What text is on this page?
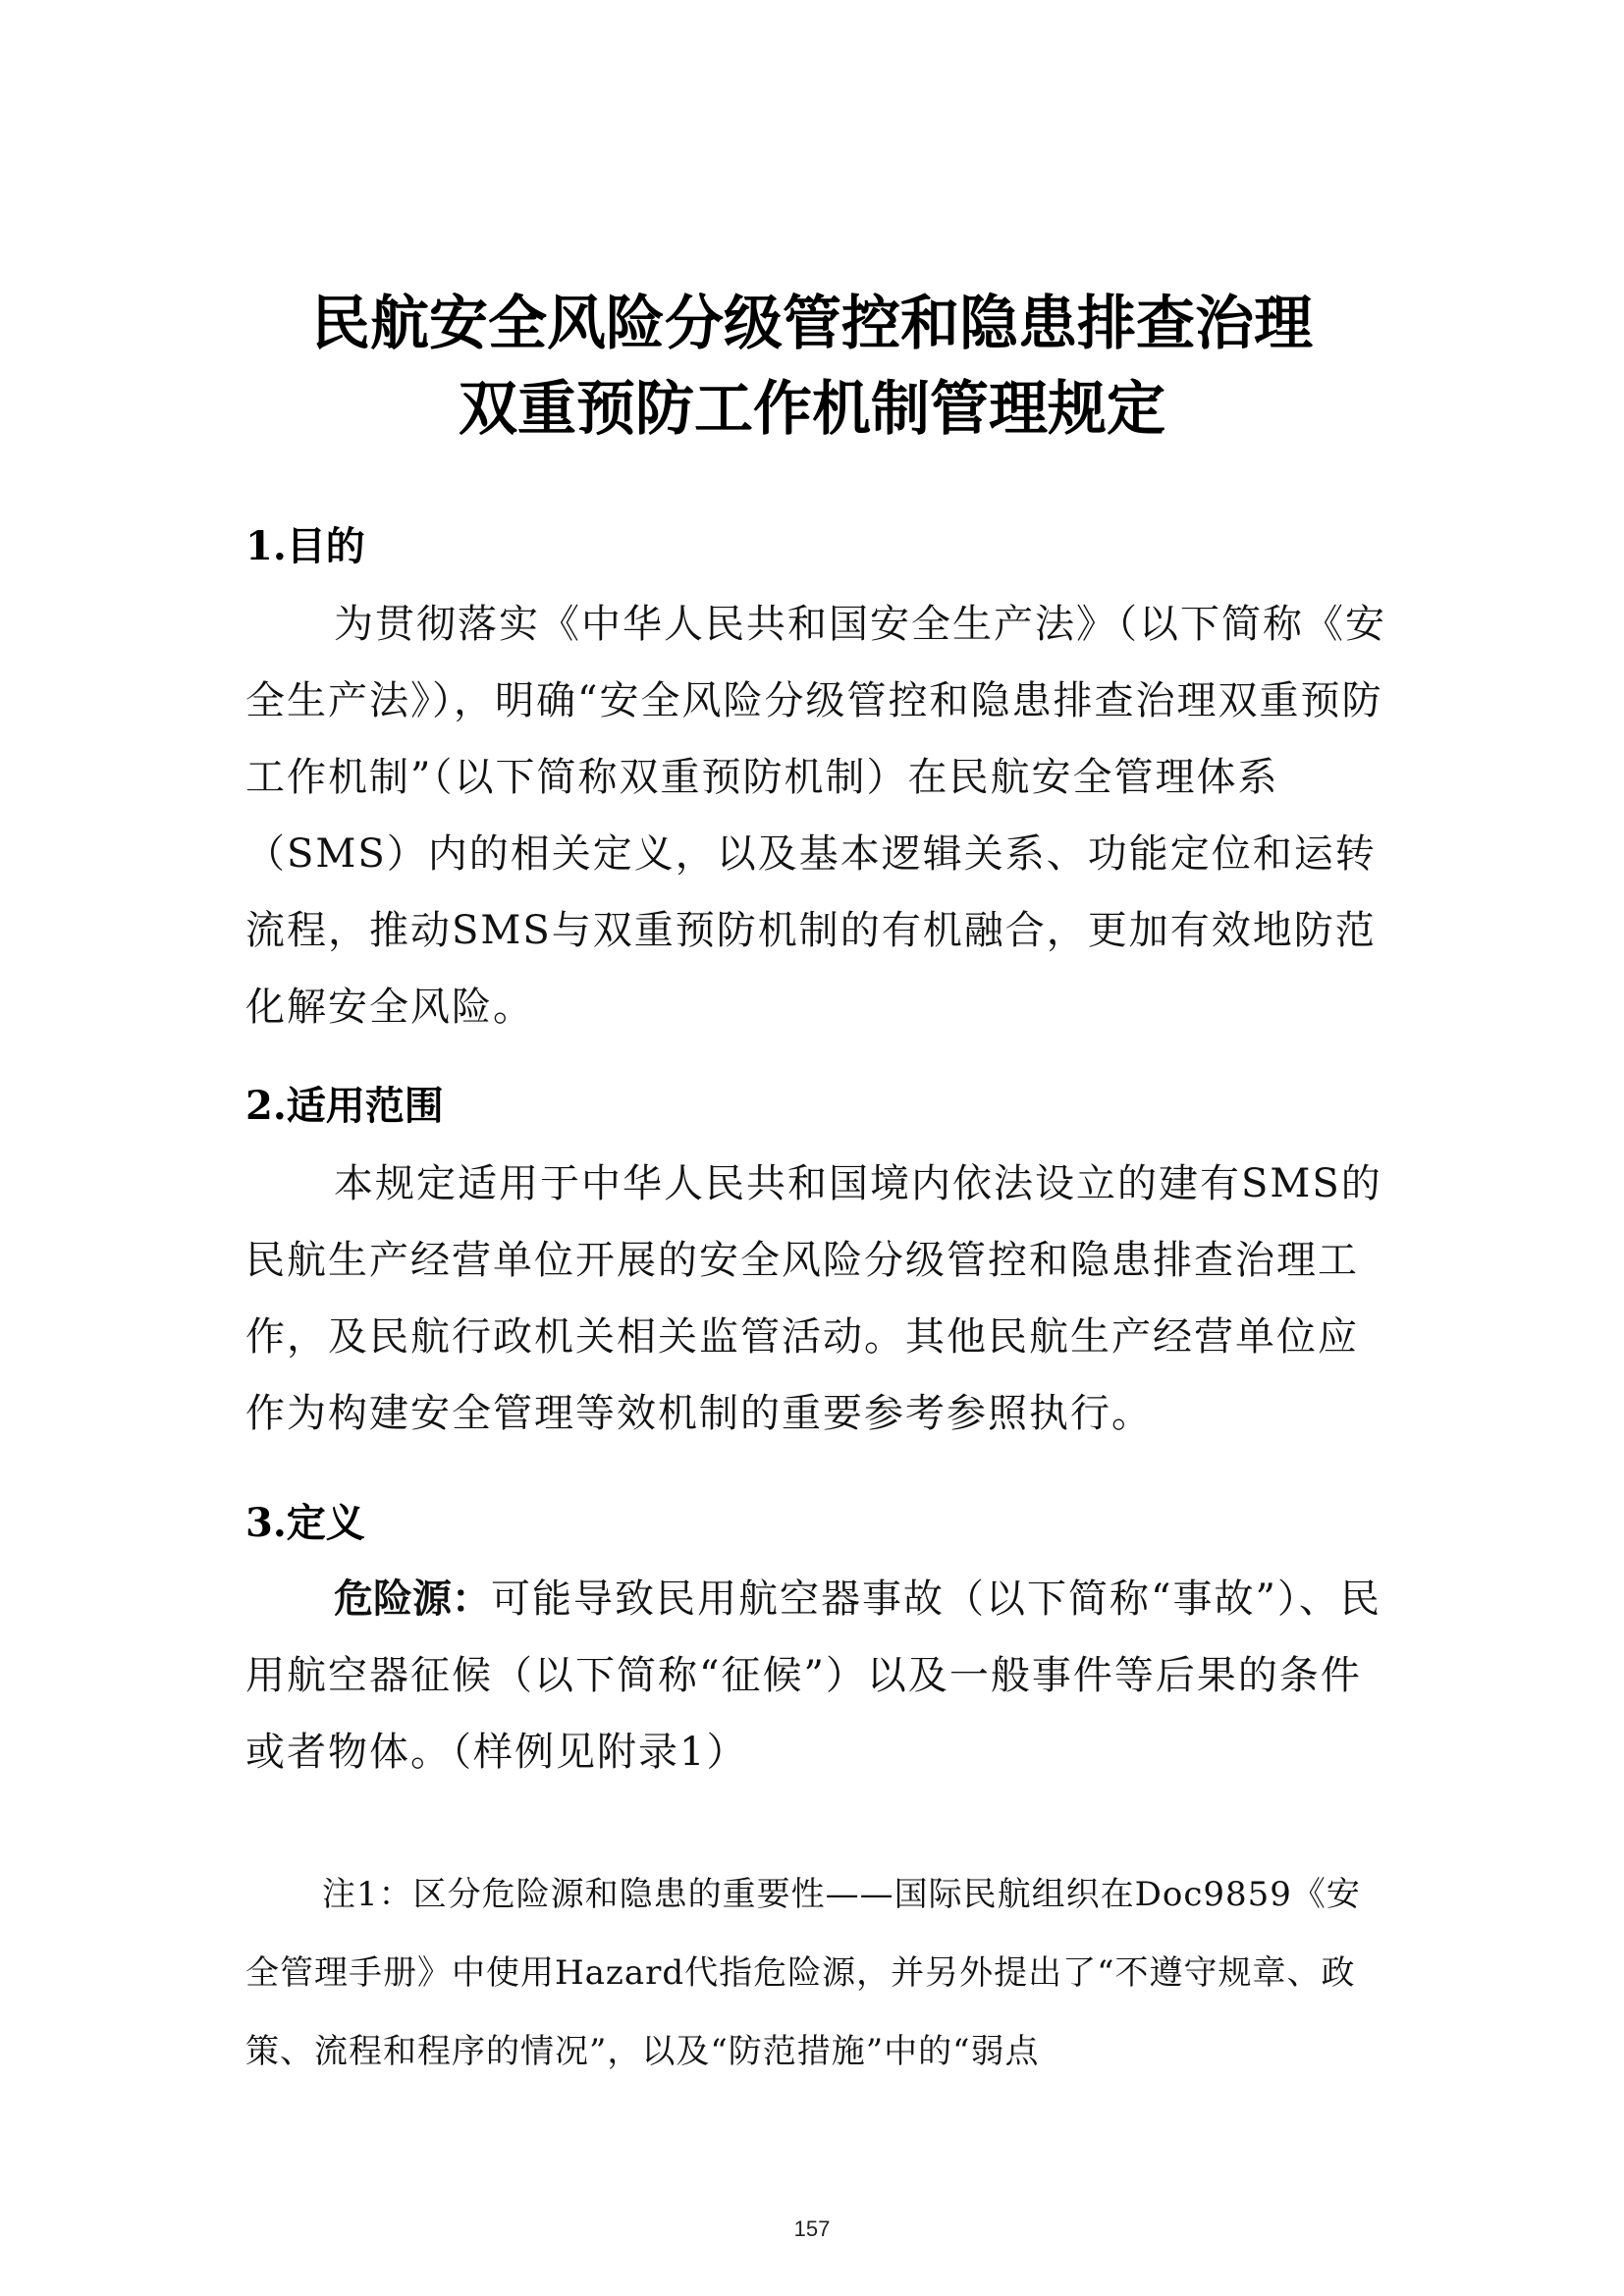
民航安全风险分级管控和隐患排查治理
双重预防工作机制管理规定
1.目的

为贯彻落实《中华人民共和国安全生产法》（以下简称《安全生产法》），明确“安全风险分级管控和隐患排查治理双重预防工作机制”（以下简称双重预防机制）在民航安全管理体系（SMS）内的相关定义，以及基本逻辑关系、功能定位和运转流程，推动SMS与双重预防机制的有机融合，更加有效地防范化解安全风险。

2.适用范围

本规定适用于中华人民共和国境内依法设立的建有SMS的民航生产经营单位开展的安全风险分级管控和隐患排查治理工作，及民航行政机关相关监管活动。其他民航生产经营单位应作为构建安全管理等效机制的重要参考参照执行。

3.定义

危险源：可能导致民用航空器事故（以下简称“事故”）、民用航空器征候（以下简称“征候”）以及一般事件等后果的条件或者物体。（样例见附录1）

注1：区分危险源和隐患的重要性——国际民航组织在Doc9859《安全管理手册》中使用Hazard代指危险源，并另外提出了“不遵守规章、政策、流程和程序的情况”，以及“防范措施”中的“弱点

157
